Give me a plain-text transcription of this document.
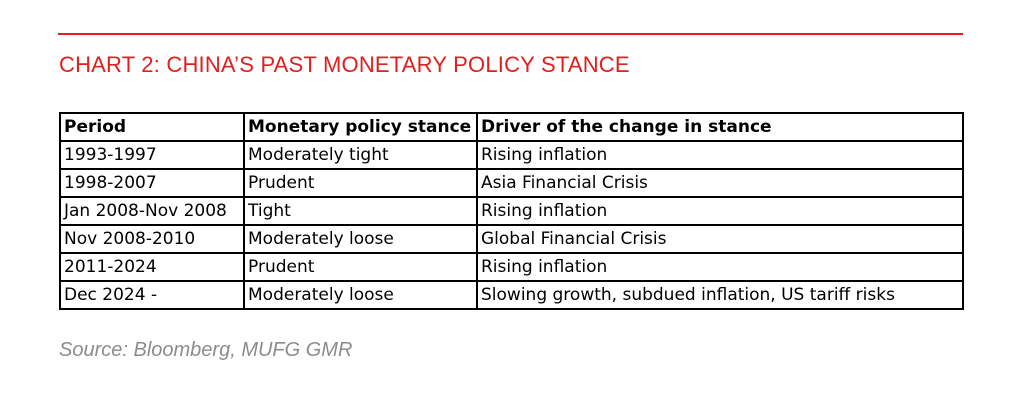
CHART 2: CHINA’S PAST MONETARY POLICY STANCE
Period	Monetary policy stance	Driver of the change in stance
1993-1997	Moderately tight	Rising inflation
1998-2007	Prudent	Asia Financial Crisis
Jan 2008-Nov 2008	Tight	Rising inflation
Nov 2008-2010	Moderately loose	Global Financial Crisis
2011-2024	Prudent	Rising inflation
Dec 2024 -	Moderately loose	Slowing growth, subdued inflation, US tariff risks
Source: Bloomberg, MUFG GMR
